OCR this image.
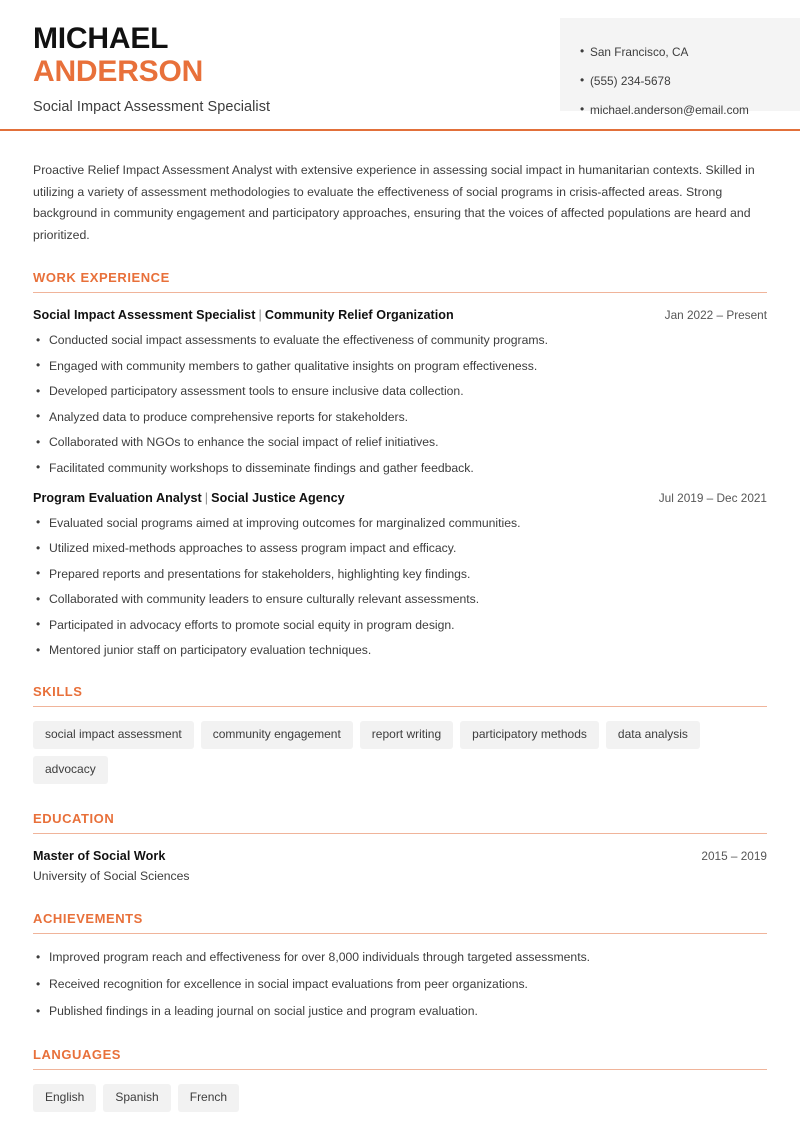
MICHAEL
ANDERSON
Social Impact Assessment Specialist
• San Francisco, CA
• (555) 234-5678
• michael.anderson@email.com

Proactive Relief Impact Assessment Analyst with extensive experience in assessing social impact in humanitarian contexts. Skilled in utilizing a variety of assessment methodologies to evaluate the effectiveness of social programs in crisis-affected areas. Strong background in community engagement and participatory approaches, ensuring that the voices of affected populations are heard and prioritized.

WORK EXPERIENCE
Social Impact Assessment Specialist | Community Relief Organization	Jan 2022 – Present
• Conducted social impact assessments to evaluate the effectiveness of community programs.
• Engaged with community members to gather qualitative insights on program effectiveness.
• Developed participatory assessment tools to ensure inclusive data collection.
• Analyzed data to produce comprehensive reports for stakeholders.
• Collaborated with NGOs to enhance the social impact of relief initiatives.
• Facilitated community workshops to disseminate findings and gather feedback.
Program Evaluation Analyst | Social Justice Agency	Jul 2019 – Dec 2021
• Evaluated social programs aimed at improving outcomes for marginalized communities.
• Utilized mixed-methods approaches to assess program impact and efficacy.
• Prepared reports and presentations for stakeholders, highlighting key findings.
• Collaborated with community leaders to ensure culturally relevant assessments.
• Participated in advocacy efforts to promote social equity in program design.
• Mentored junior staff on participatory evaluation techniques.
SKILLS
social impact assessment	community engagement	report writing	participatory methods	data analysis
advocacy
EDUCATION
Master of Social Work	2015 – 2019
University of Social Sciences
ACHIEVEMENTS
• Improved program reach and effectiveness for over 8,000 individuals through targeted assessments.
• Received recognition for excellence in social impact evaluations from peer organizations.
• Published findings in a leading journal on social justice and program evaluation.
LANGUAGES
English	Spanish	French
